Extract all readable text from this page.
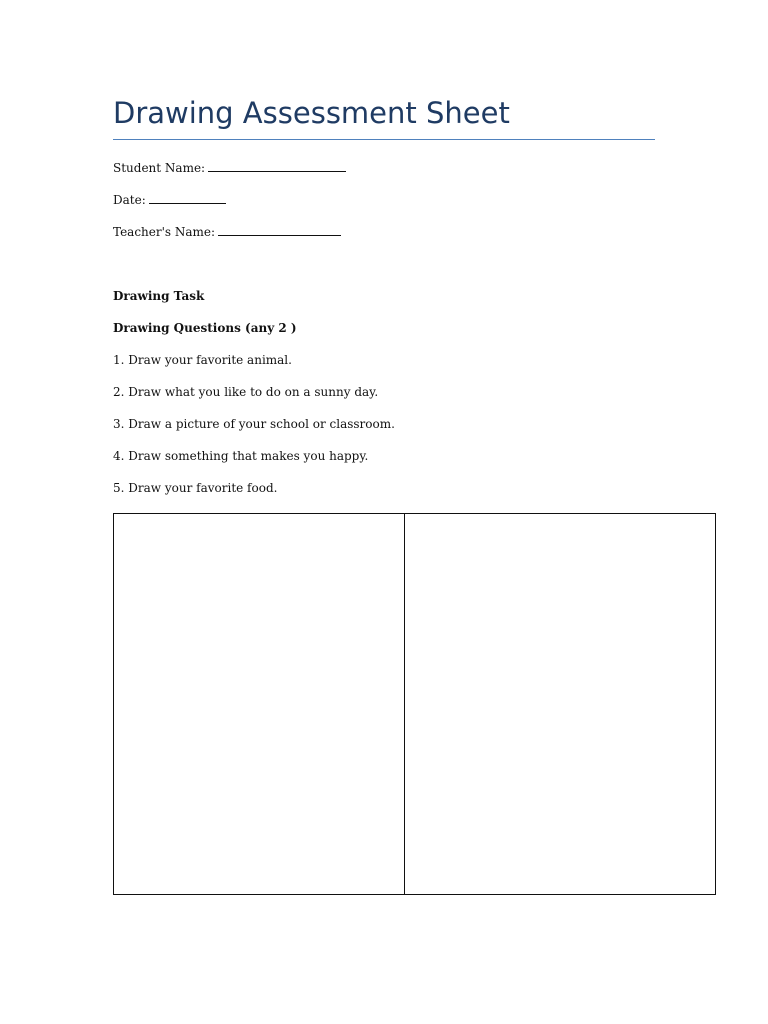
Drawing Assessment Sheet

Student Name:

Date:

Teacher's Name:

Drawing Task

Drawing Questions (any 2 )

1. Draw your favorite animal.

2. Draw what you like to do on a sunny day.

3. Draw a picture of your school or classroom.

4. Draw something that makes you happy.

5. Draw your favorite food.
